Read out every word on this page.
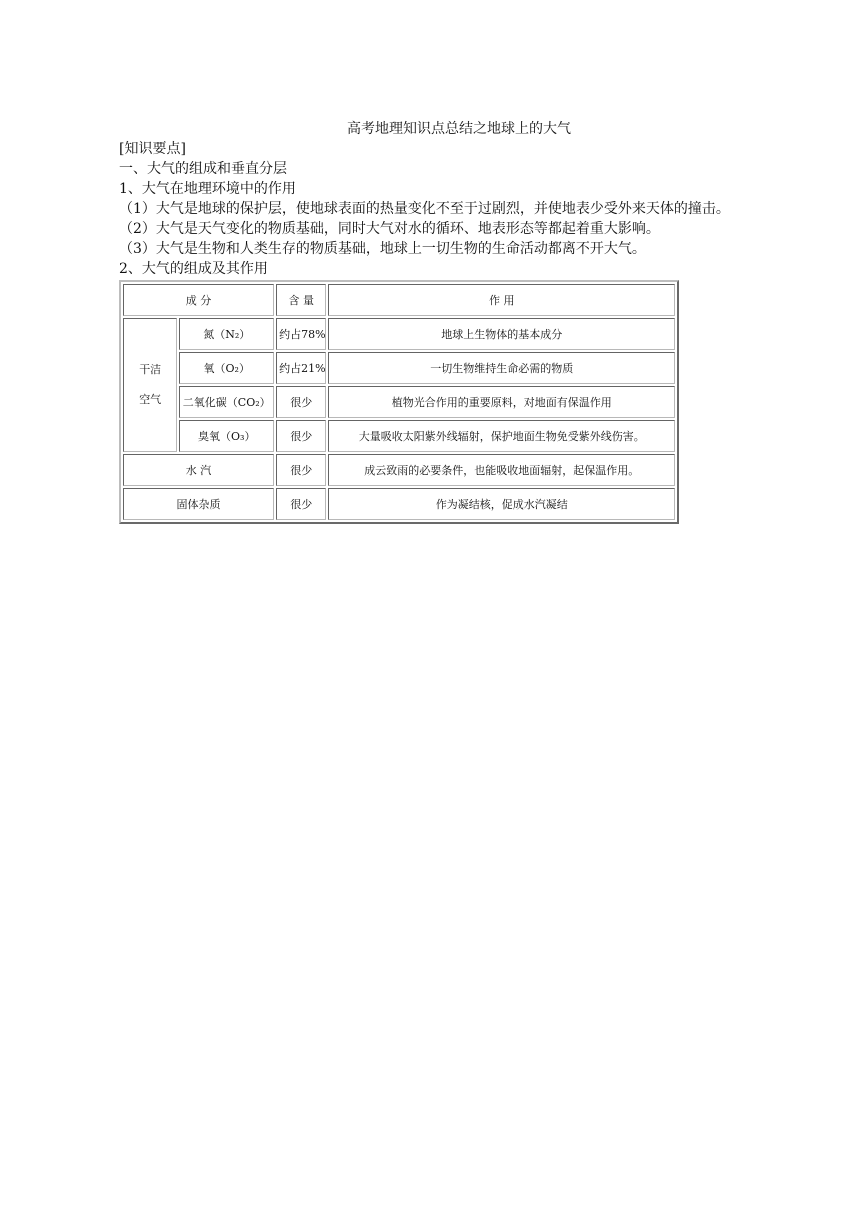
高考地理知识点总结之地球上的大气

[知识要点]

一、大气的组成和垂直分层

1、大气在地理环境中的作用

（1）大气是地球的保护层，使地球表面的热量变化不至于过剧烈，并使地表少受外来天体的撞击。

（2）大气是天气变化的物质基础，同时大气对水的循环、地表形态等都起着重大影响。

（3）大气是生物和人类生存的物质基础，地球上一切生物的生命活动都离不开大气。

2、大气的组成及其作用

成 分		含 量	作 用

干洁
空气	氮（N₂）	约占78%	地球上生物体的基本成分
	氧（O₂）	约占21%	一切生物维持生命必需的物质
	二氧化碳（CO₂）	很少	植物光合作用的重要原料，对地面有保温作用
	臭氧（O₃）	很少	大量吸收太阳紫外线辐射，保护地面生物免受紫外线伤害。
水 汽		很少	成云致雨的必要条件，也能吸收地面辐射，起保温作用。
固体杂质		很少	作为凝结核，促成水汽凝结
